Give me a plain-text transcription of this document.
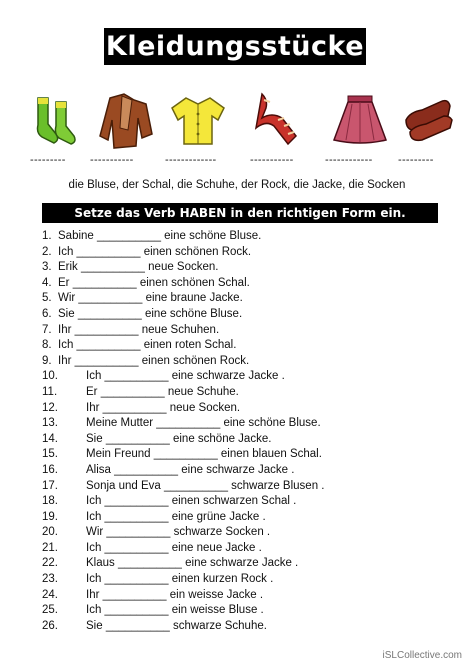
Kleidungsstücke
--------- -----------	-------------	-----------	------------ ---------
die Bluse, der Schal, die Schuhe, der Rock, die Jacke, die Socken
Setze das Verb HABEN in den richtigen Form ein.
1. Sabine __________ eine schöne Bluse.
2. Ich __________ einen schönen Rock.
3. Erik __________ neue Socken.
4. Er __________ einen schönen Schal.
5. Wir __________ eine braune Jacke.
6. Sie __________ eine schöne Bluse.
7. Ihr __________ neue Schuhen.
8. Ich __________ einen roten Schal.
9. Ihr __________ einen schönen Rock.
10. Ich __________ eine schwarze Jacke .
11.	Er __________ neue Schuhe.
12. Ihr __________ neue Socken.
13. Meine Mutter __________ eine schöne Bluse.
14. Sie __________ eine schöne Jacke.
15. Mein Freund __________ einen blauen Schal.
16. Alisa __________ eine schwarze Jacke .
17. Sonja und Eva __________ schwarze Blusen .
18. Ich __________ einen schwarzen Schal .
19. Ich __________ eine grüne Jacke .
20. Wir __________ schwarze Socken .
21. Ich __________ eine neue Jacke .
22. Klaus __________ eine schwarze Jacke .
23. Ich __________ einen kurzen Rock .
24. Ihr __________ ein weisse Jacke .
25. Ich __________ ein weisse Bluse .
26. Sie __________ schwarze Schuhe.
iSLCollective.com
